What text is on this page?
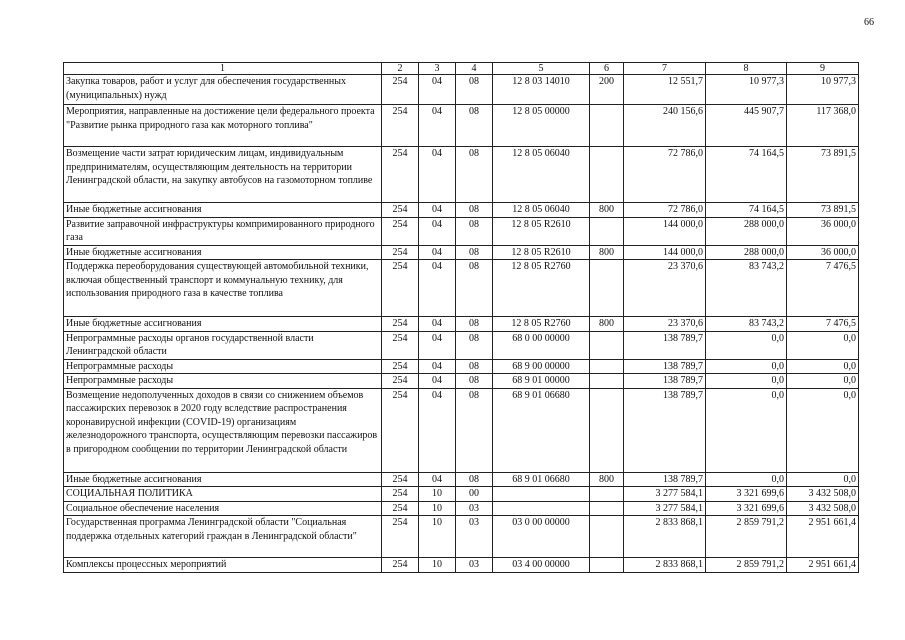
66
1	2	3	4	5	6	7	8	9
Закупка товаров, работ и услуг для обеспечения государственных (муниципальных) нужд	254	04	08	12 8 03 14010	200	12 551,7	10 977,3	10 977,3
Мероприятия, направленные на достижение цели федерального проекта "Развитие рынка природного газа как моторного топлива"	254	04	08	12 8 05 00000		240 156,6	445 907,7	117 368,0
Возмещение части затрат юридическим лицам, индивидуальным предпринимателям, осуществляющим деятельность на территории Ленинградской области, на закупку автобусов на газомоторном топливе	254	04	08	12 8 05 06040		72 786,0	74 164,5	73 891,5
Иные бюджетные ассигнования	254	04	08	12 8 05 06040	800	72 786,0	74 164,5	73 891,5
Развитие заправочной инфраструктуры компримированного природного газа	254	04	08	12 8 05 R2610		144 000,0	288 000,0	36 000,0
Иные бюджетные ассигнования	254	04	08	12 8 05 R2610	800	144 000,0	288 000,0	36 000,0
Поддержка переоборудования существующей автомобильной техники, включая общественный транспорт и коммунальную технику, для использования природного газа в качестве топлива	254	04	08	12 8 05 R2760		23 370,6	83 743,2	7 476,5
Иные бюджетные ассигнования	254	04	08	12 8 05 R2760	800	23 370,6	83 743,2	7 476,5
Непрограммные расходы органов государственной власти Ленинградской области	254	04	08	68 0 00 00000		138 789,7	0,0	0,0
Непрограммные расходы	254	04	08	68 9 00 00000		138 789,7	0,0	0,0
Непрограммные расходы	254	04	08	68 9 01 00000		138 789,7	0,0	0,0
Возмещение недополученных доходов в связи со снижением объемов пассажирских перевозок в 2020 году вследствие распространения коронавирусной инфекции (COVID-19) организациям железнодорожного транспорта, осуществляющим перевозки пассажиров в пригородном сообщении по территории Ленинградской области	254	04	08	68 9 01 06680		138 789,7	0,0	0,0
Иные бюджетные ассигнования	254	04	08	68 9 01 06680	800	138 789,7	0,0	0,0
СОЦИАЛЬНАЯ ПОЛИТИКА	254	10	00			3 277 584,1	3 321 699,6	3 432 508,0
Социальное обеспечение населения	254	10	03			3 277 584,1	3 321 699,6	3 432 508,0
Государственная программа Ленинградской области "Социальная поддержка отдельных категорий граждан в Ленинградской области"	254	10	03	03 0 00 00000		2 833 868,1	2 859 791,2	2 951 661,4
Комплексы процессных мероприятий	254	10	03	03 4 00 00000		2 833 868,1	2 859 791,2	2 951 661,4
